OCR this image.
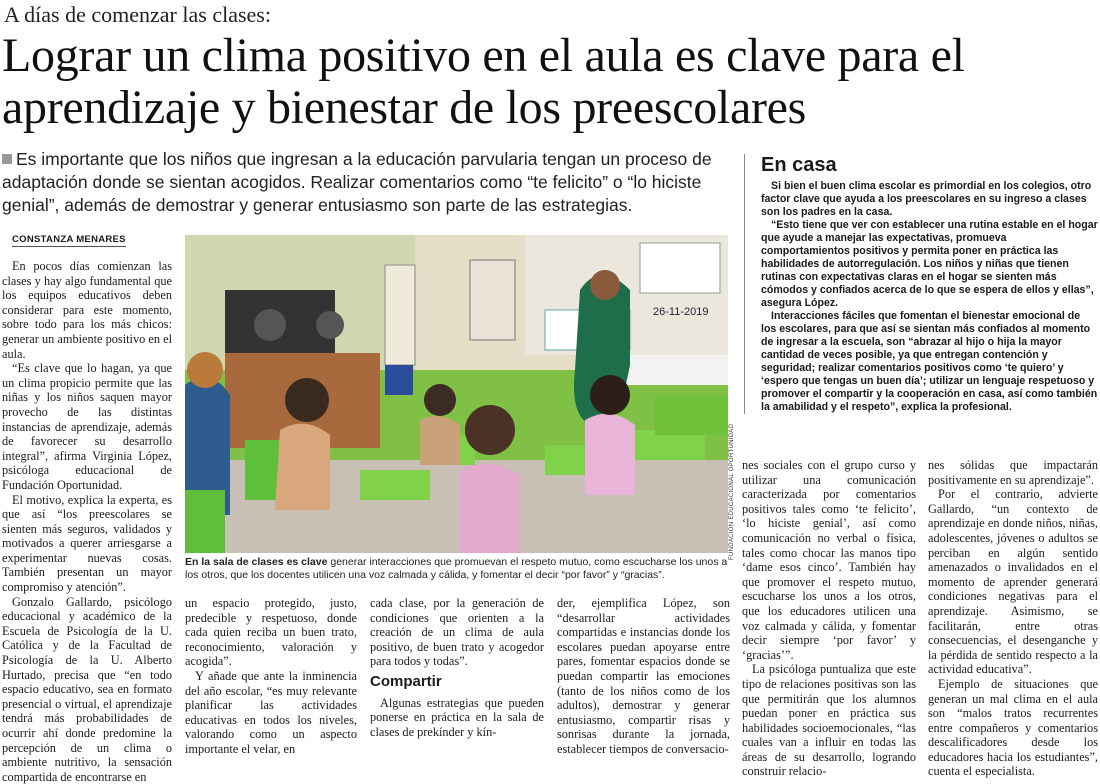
A días de comenzar las clases:
Lograr un clima positivo en el aula es clave para el aprendizaje y bienestar de los preescolares
Es importante que los niños que ingresan a la educación parvularia tengan un proceso de adaptación donde se sientan acogidos. Realizar comentarios como “te felicito” o “lo hiciste genial”, además de demostrar y generar entusiasmo son parte de las estrategias.
CONSTANZA MENARES

En pocos días comienzan las clases y hay algo fundamental que los equipos educativos deben considerar para este momento, sobre todo para los más chicos: generar un ambiente positivo en el aula.

“Es clave que lo hagan, ya que un clima propicio permite que las niñas y los niños saquen mayor provecho de las distintas instancias de aprendizaje, además de favorecer su desarrollo integral”, afirma Virginia López, psicóloga educacional de Fundación Oportunidad.

El motivo, explica la experta, es que así “los preescolares se sienten más seguros, validados y motivados a querer arriesgarse a experimentar nuevas cosas. También presentan un mayor compromiso y atención”.

Gonzalo Gallardo, psicólogo educacional y académico de la Escuela de Psicología de la U. Católica y de la Facultad de Psicología de la U. Alberto Hurtado, precisa que “en todo espacio educativo, sea en formato presencial o virtual, el aprendizaje tendrá más probabilidades de ocurrir ahí donde predomine la percepción de un clima o ambiente nutritivo, la sensación compartida de encontrarse en

26-11-2019
FUNDACIÓN EDUCACIONAL OPORTUNIDAD
En la sala de clases es clave generar interacciones que promuevan el respeto mutuo, como escucharse los unos a los otros, que los docentes utilicen una voz calmada y cálida, y fomentar el decir “por favor” y “gracias”.

un espacio protegido, justo, predecible y respetuoso, donde cada quien reciba un buen trato, reconocimiento, valoración y acogida”.

Y añade que ante la inminencia del año escolar, “es muy relevante planificar las actividades educativas en todos los niveles, valorando como un aspecto importante el velar, en

cada clase, por la generación de condiciones que orienten a la creación de un clima de aula positivo, de buen trato y acogedor para todos y todas”.

Compartir

Algunas estrategias que pueden ponerse en práctica en la sala de clases de prekínder y kín-

der, ejemplifica López, son “desarrollar actividades compartidas e instancias donde los escolares puedan apoyarse entre pares, fomentar espacios donde se puedan compartir las emociones (tanto de los niños como de los adultos), demostrar y generar entusiasmo, compartir risas y sonrisas durante la jornada, establecer tiempos de conversacio-

En casa

Si bien el buen clima escolar es primordial en los colegios, otro factor clave que ayuda a los preescolares en su ingreso a clases son los padres en la casa.

“Esto tiene que ver con establecer una rutina estable en el hogar que ayude a manejar las expectativas, promueva comportamientos positivos y permita poner en práctica las habilidades de autorregulación. Los niños y niñas que tienen rutinas con expectativas claras en el hogar se sienten más cómodos y confiados acerca de lo que se espera de ellos y ellas”, asegura López.

Interacciones fáciles que fomentan el bienestar emocional de los escolares, para que así se sientan más confiados al momento de ingresar a la escuela, son “abrazar al hijo o hija la mayor cantidad de veces posible, ya que entregan contención y seguridad; realizar comentarios positivos como ‘te quiero’ y ‘espero que tengas un buen día’; utilizar un lenguaje respetuoso y promover el compartir y la cooperación en casa, así como también la amabilidad y el respeto”, explica la profesional.

nes sociales con el grupo curso y utilizar una comunicación caracterizada por comentarios positivos tales como ‘te felicito’, ‘lo hiciste genial’, así como comunicación no verbal o física, tales como chocar las manos tipo ‘dame esos cinco’. También hay que promover el respeto mutuo, escucharse los unos a los otros, que los educadores utilicen una voz calmada y cálida, y fomentar decir siempre ‘por favor’ y ‘gracias’”.

La psicóloga puntualiza que este tipo de relaciones positivas son las que permitirán que los alumnos puedan poner en práctica sus habilidades socioemocionales, “las cuales van a influir en todas las áreas de su desarrollo, logrando construir relacio-

nes sólidas que impactarán positivamente en su aprendizaje”.

Por el contrario, advierte Gallardo, “un contexto de aprendizaje en donde niños, niñas, adolescentes, jóvenes o adultos se perciban en algún sentido amenazados o invalidados en el momento de aprender generará condiciones negativas para el aprendizaje. Asimismo, se facilitarán, entre otras consecuencias, el desenganche y la pérdida de sentido respecto a la actividad educativa”.

Ejemplo de situaciones que generan un mal clima en el aula son “malos tratos recurrentes entre compañeros y comentarios descalificadores desde los educadores hacia los estudiantes”, cuenta el especialista.
